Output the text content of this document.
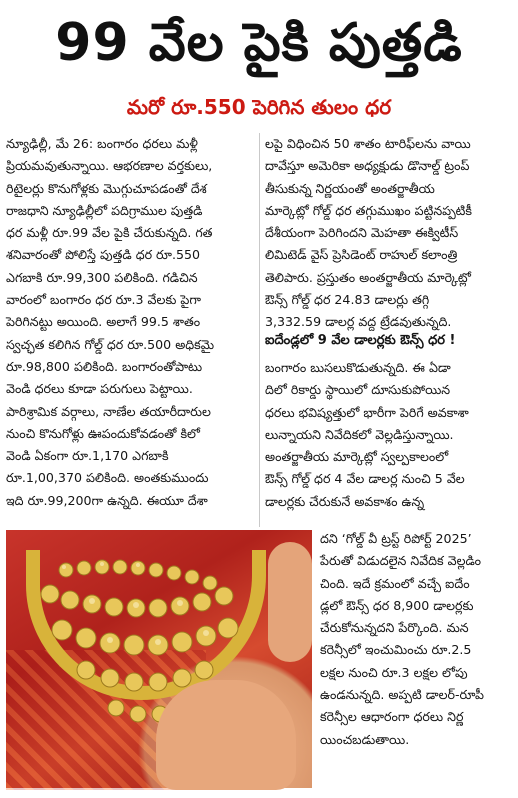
99 వేల పైకి పుత్తడి
మరో రూ.550 పెరిగిన తులం ధర

న్యూఢిల్లీ, మే 26: బంగారం ధరలు మళ్లీ

ప్రియమవుతున్నాయి. ఆభరణాల వర్తకులు,

రిటైలర్లు కొనుగోళ్లకు మొగ్గుచూపడంతో దేశ

రాజధాని న్యూఢిల్లీలో పదిగ్రాముల పుత్తడి

ధర మళ్లీ రూ.99 వేల పైకి చేరుకున్నది. గత

శనివారంతో పోలిస్తే పుత్తడి ధర రూ.550

ఎగబాకి రూ.99,300 పలికింది. గడిచిన

వారంలో బంగారం ధర రూ.3 వేలకు పైగా

పెరిగినట్టు అయింది. అలాగే 99.5 శాతం

స్వచ్ఛత కలిగిన గోల్డ్ ధర రూ.500 అధికమై

రూ.98,800 పలికింది. బంగారంతోపాటు

వెండి ధరలు కూడా పరుగులు పెట్టాయి.

పారిశ్రామిక వర్గాలు, నాణేల తయారీదారుల

నుంచి కొనుగోళ్లు ఊపందుకోవడంతో కిలో

వెండి ఏకంగా రూ.1,170 ఎగబాకి

రూ.1,00,370 పలికింది. అంతకుముందు

ఇది రూ.99,200గా ఉన్నది. ఈయూ దేశా

లపై విధించిన 50 శాతం టారిఫ్‌లను వాయి

దావేస్తూ అమెరికా అధ్యక్షుడు డొనాల్డ్ ట్రంప్

తీసుకున్న నిర్ణయంతో అంతర్జాతీయ

మార్కెట్లో గోల్డ్ ధర తగ్గుముఖం పట్టినప్పటికీ

దేశీయంగా పెరిగిందని మెహతా ఈక్విటీస్

లిమిటెడ్ వైస్ ప్రెసిడెంట్ రాహుల్ కలాంత్రి

తెలిపారు. ప్రస్తుతం అంతర్జాతీయ మార్కెట్లో

ఔన్స్ గోల్డ్ ధర 24.83 డాలర్లు తగ్గి

3,332.59 డాలర్ల వద్ద ట్రేడవుతున్నది.

ఐదేండ్లలో 9 వేల డాలర్లకు ఔన్స్ ధర !

బంగారం బుసలుకొడుతున్నది. ఈ ఏడా

దిలో రికార్డు స్థాయిలో దూసుకుపోయిన

ధరలు భవిష్యత్తులో భారీగా పెరిగే అవకాశా

లున్నాయని నివేదికలో వెల్లడిస్తున్నాయి.

అంతర్జాతీయ మార్కెట్లో స్వల్పకాలంలో

ఔన్స్ గోల్డ్ ధర 4 వేల డాలర్ల నుంచి 5 వేల

డాలర్లకు చేరుకునే అవకాశం ఉన్న

దని ‘గోల్డ్ వీ ట్రస్ట్ రిపోర్ట్ 2025’

పేరుతో విడుదలైన నివేదిక వెల్లడిం

చింది. ఇదే క్రమంలో వచ్చే ఐదేం

డ్లలో ఔన్స్ ధర 8,900 డాలర్లకు

చేరుకోనున్నదని పేర్కొంది. మన

కరెన్సీలో ఇంచుమించు రూ.2.5

లక్షల నుంచి రూ.3 లక్షల లోపు

ఉండనున్నది. అప్పటి డాలర్-రూపీ

కరెన్సీల ఆధారంగా ధరలు నిర్ణ

యించబడుతాయి.
